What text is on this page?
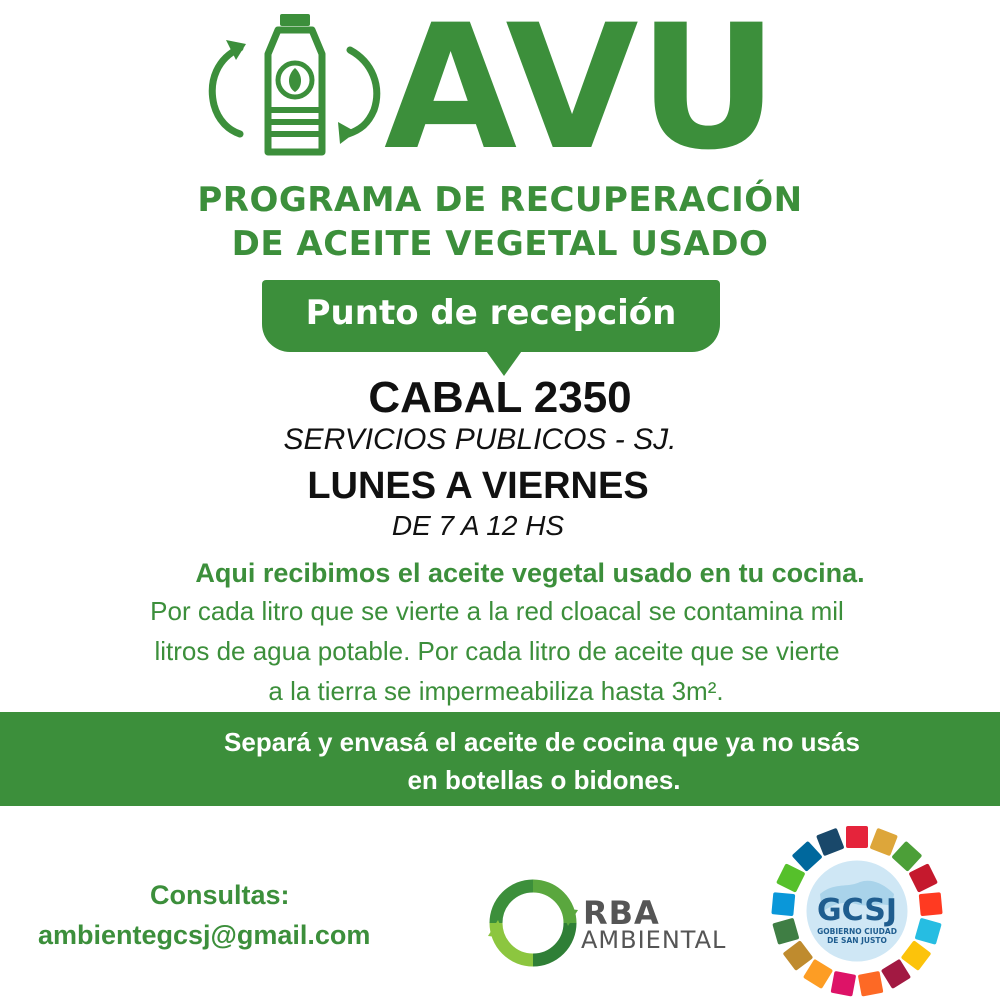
AVU
PROGRAMA DE RECUPERACIÓN
DE ACEITE VEGETAL USADO
Punto de recepción
CABAL 2350
SERVICIOS PUBLICOS - SJ.
LUNES A VIERNES
DE 7 A 12 HS
Aqui recibimos el aceite vegetal usado en tu cocina.
Por cada litro que se vierte a la red cloacal se contamina mil
litros de agua potable. Por cada litro de aceite que se vierte
a la tierra se impermeabiliza hasta 3m².
Separá y envasá el aceite de cocina que ya no usás
en botellas o bidones.
Consultas:
ambientegcsj@gmail.com
RBA
AMBIENTAL
GCSJ
GOBIERNO CIUDAD
DE SAN JUSTO
